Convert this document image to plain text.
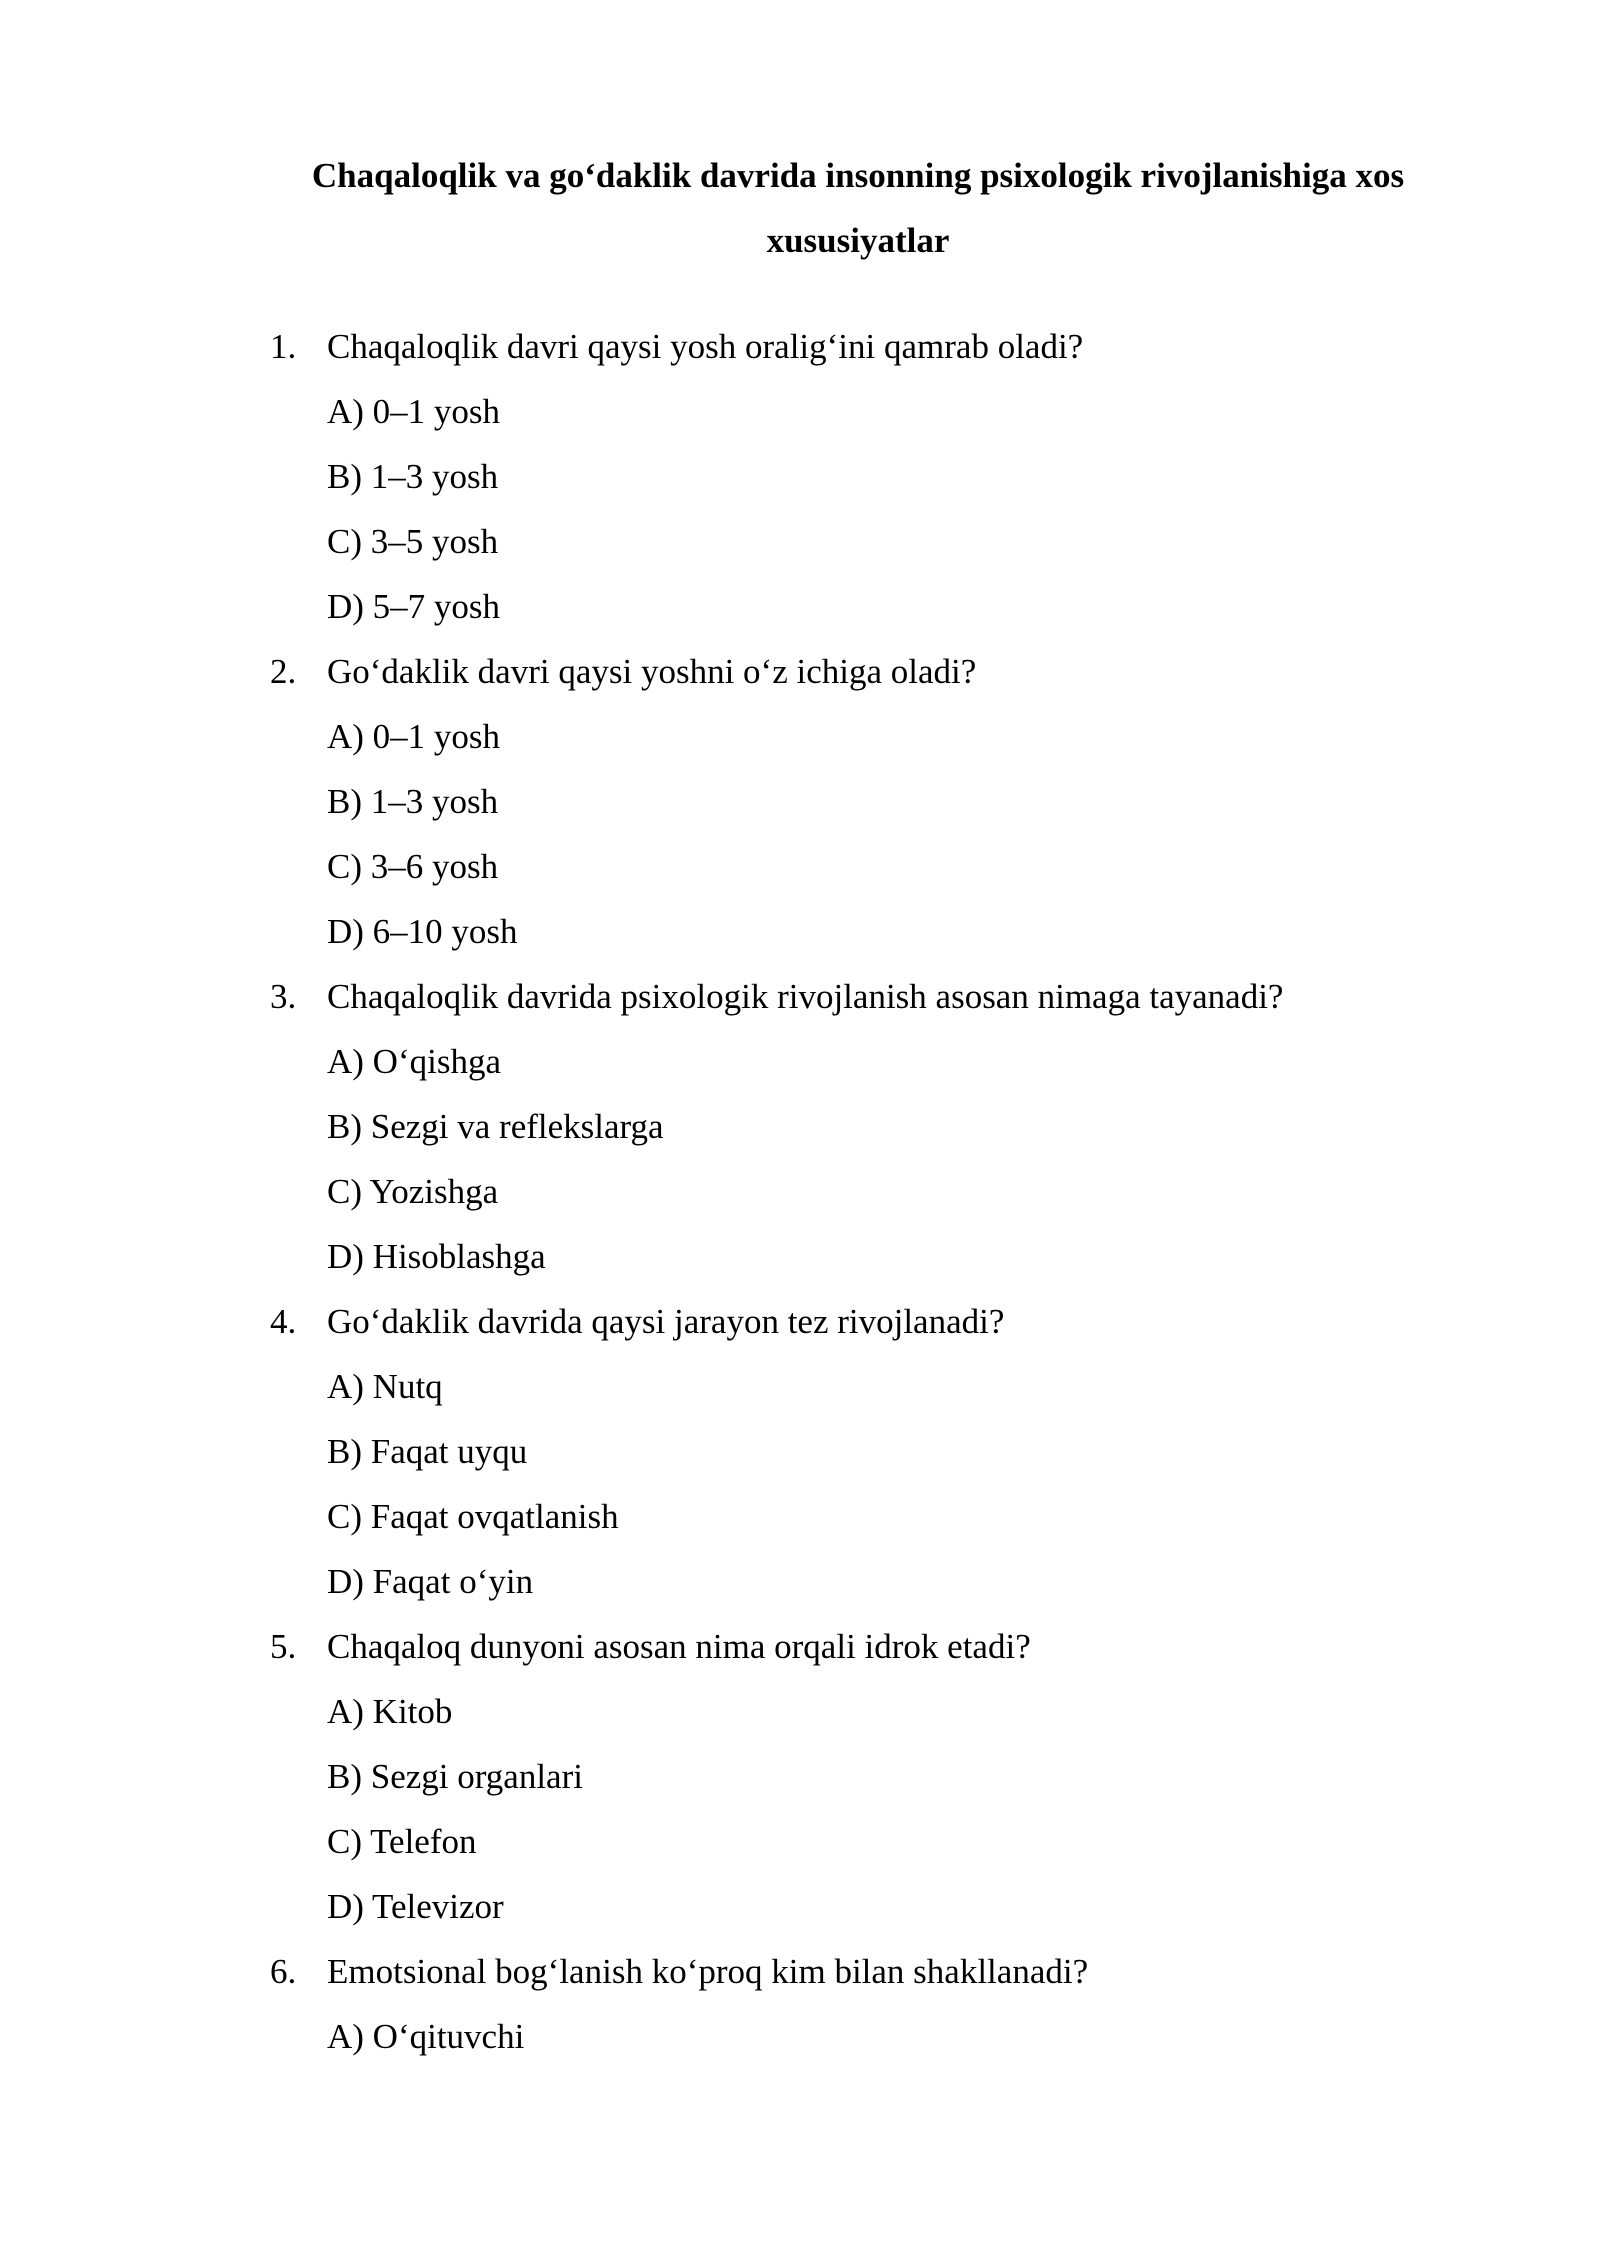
Chaqaloqlik va go‘daklik davrida insonning psixologik rivojlanishiga xos
xususiyatlar
1. Chaqaloqlik davri qaysi yosh oralig‘ini qamrab oladi?
A) 0–1 yosh
B) 1–3 yosh
C) 3–5 yosh
D) 5–7 yosh
2. Go‘daklik davri qaysi yoshni o‘z ichiga oladi?
A) 0–1 yosh
B) 1–3 yosh
C) 3–6 yosh
D) 6–10 yosh
3. Chaqaloqlik davrida psixologik rivojlanish asosan nimaga tayanadi?
A) O‘qishga
B) Sezgi va reflekslarga
C) Yozishga
D) Hisoblashga
4. Go‘daklik davrida qaysi jarayon tez rivojlanadi?
A) Nutq
B) Faqat uyqu
C) Faqat ovqatlanish
D) Faqat o‘yin
5. Chaqaloq dunyoni asosan nima orqali idrok etadi?
A) Kitob
B) Sezgi organlari
C) Telefon
D) Televizor
6. Emotsional bog‘lanish ko‘proq kim bilan shakllanadi?
A) O‘qituvchi
